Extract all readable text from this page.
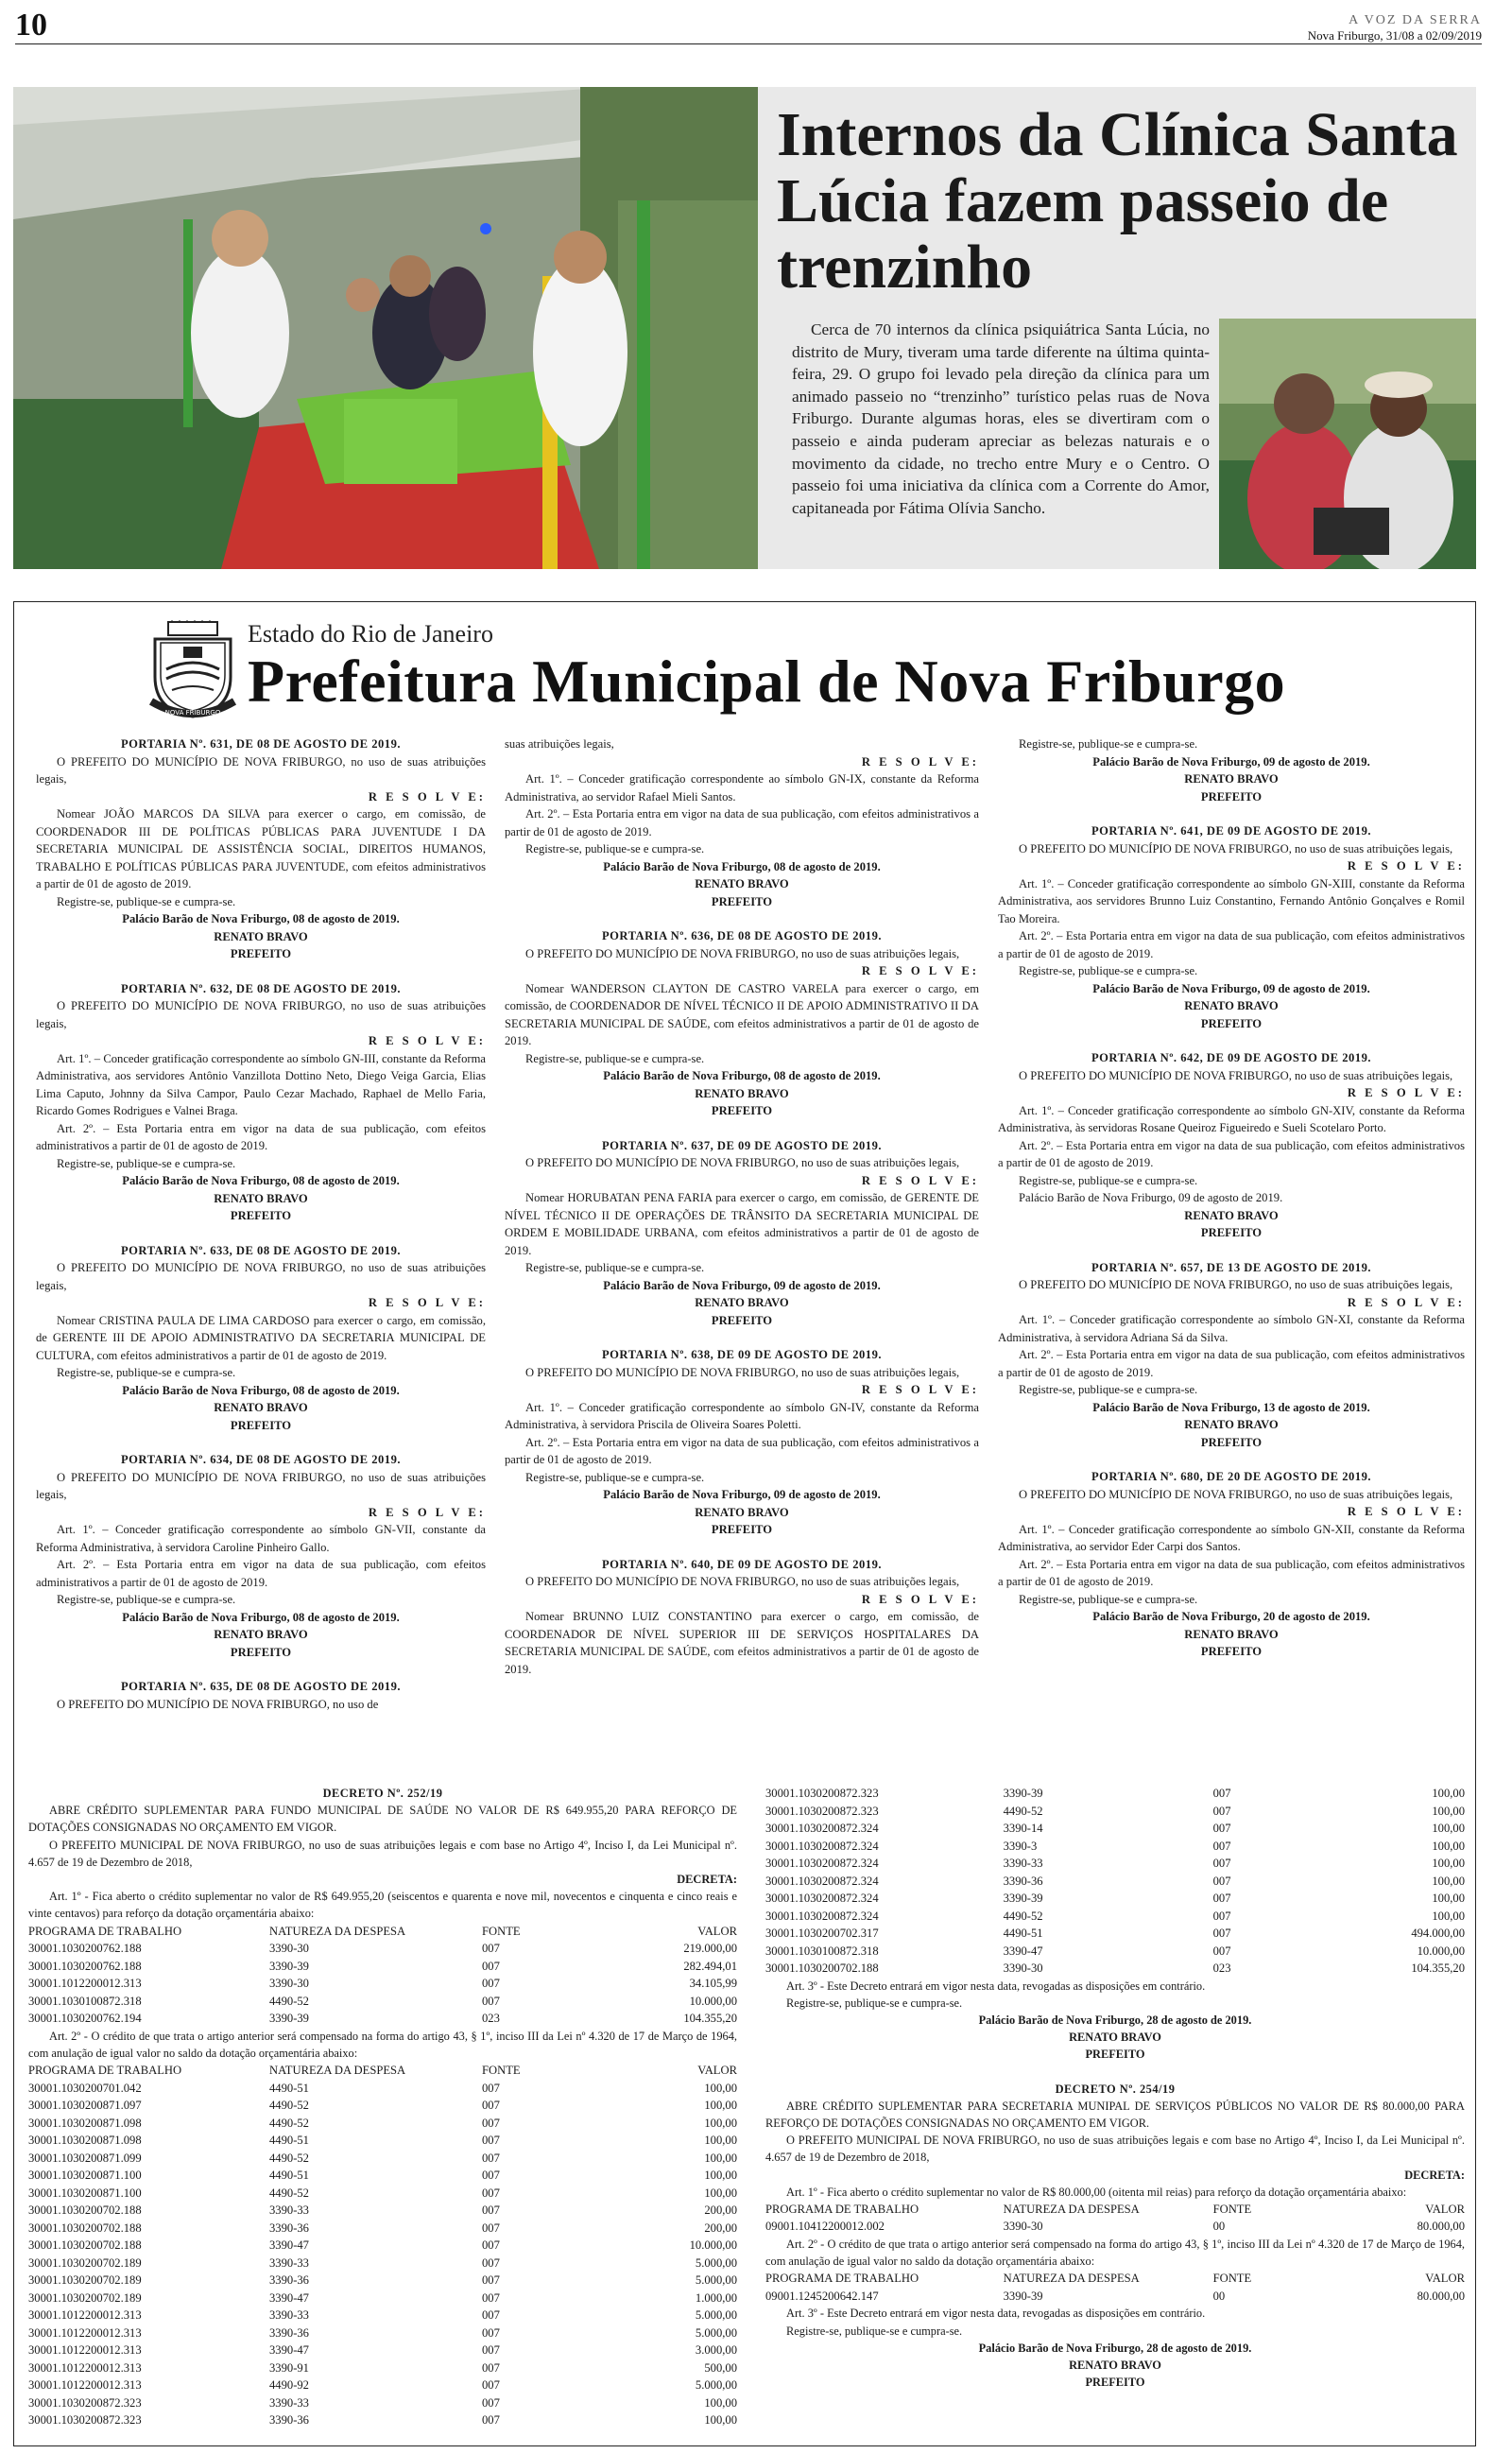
10	A VOZ DA SERRA
Nova Friburgo, 31/08 a 02/09/2019
Internos da Clínica Santa Lúcia fazem passeio de trenzinho
Cerca de 70 internos da clínica psiquiátrica Santa Lúcia, no distrito de Mury, tiveram uma tarde diferente na última quinta-feira, 29. O grupo foi levado pela direção da clínica para um animado passeio no “trenzinho” turístico pelas ruas de Nova Friburgo. Durante algumas horas, eles se divertiram com o passeio e ainda puderam apreciar as belezas naturais e o movimento da cidade, no trecho entre Mury e o Centro. O passeio foi uma iniciativa da clínica com a Corrente do Amor, capitaneada por Fátima Olívia Sancho.
NOVA FRIBURGO
Estado do Rio de Janeiro
Prefeitura Municipal de Nova Friburgo
PORTARIA Nº. 631, DE 08 DE AGOSTO DE 2019.
O PREFEITO DO MUNICÍPIO DE NOVA FRIBURGO, no uso de suas atribuições legais,
R E S O L V E:
Nomear JOÃO MARCOS DA SILVA para exercer o cargo, em comissão, de COORDENADOR III DE POLÍTICAS PÚBLICAS PARA JUVENTUDE I DA SECRETARIA MUNICIPAL DE ASSISTÊNCIA SOCIAL, DIREITOS HUMANOS, TRABALHO E POLÍTICAS PÚBLICAS PARA JUVENTUDE, com efeitos administrativos a partir de 01 de agosto de 2019.
Registre-se, publique-se e cumpra-se.
Palácio Barão de Nova Friburgo, 08 de agosto de 2019.
RENATO BRAVO
PREFEITO
PORTARIA Nº. 632, DE 08 DE AGOSTO DE 2019.
O PREFEITO DO MUNICÍPIO DE NOVA FRIBURGO, no uso de suas atribuições legais,
R E S O L V E:
Art. 1º. – Conceder gratificação correspondente ao símbolo GN-III, constante da Reforma Administrativa, aos servidores Antônio Vanzillota Dottino Neto, Diego Veiga Garcia, Elias Lima Caputo, Johnny da Silva Campor, Paulo Cezar Machado, Raphael de Mello Faria, Ricardo Gomes Rodrigues e Valnei Braga.
Art. 2º. – Esta Portaria entra em vigor na data de sua publicação, com efeitos administrativos a partir de 01 de agosto de 2019.
Registre-se, publique-se e cumpra-se.
Palácio Barão de Nova Friburgo, 08 de agosto de 2019.
RENATO BRAVO
PREFEITO
PORTARIA Nº. 633, DE 08 DE AGOSTO DE 2019.
O PREFEITO DO MUNICÍPIO DE NOVA FRIBURGO, no uso de suas atribuições legais,
R E S O L V E:
Nomear CRISTINA PAULA DE LIMA CARDOSO para exercer o cargo, em comissão, de GERENTE III DE APOIO ADMINISTRATIVO DA SECRETARIA MUNICIPAL DE CULTURA, com efeitos administrativos a partir de 01 de agosto de 2019.
Registre-se, publique-se e cumpra-se.
Palácio Barão de Nova Friburgo, 08 de agosto de 2019.
RENATO BRAVO
PREFEITO
PORTARIA Nº. 634, DE 08 DE AGOSTO DE 2019.
O PREFEITO DO MUNICÍPIO DE NOVA FRIBURGO, no uso de suas atribuições legais,
R E S O L V E:
Art. 1º. – Conceder gratificação correspondente ao símbolo GN-VII, constante da Reforma Administrativa, à servidora Caroline Pinheiro Gallo.
Art. 2º. – Esta Portaria entra em vigor na data de sua publicação, com efeitos administrativos a partir de 01 de agosto de 2019.
Registre-se, publique-se e cumpra-se.
Palácio Barão de Nova Friburgo, 08 de agosto de 2019.
RENATO BRAVO
PREFEITO
PORTARIA Nº. 635, DE 08 DE AGOSTO DE 2019.
O PREFEITO DO MUNICÍPIO DE NOVA FRIBURGO, no uso de
suas atribuições legais,
R E S O L V E:
Art. 1º. – Conceder gratificação correspondente ao símbolo GN-IX, constante da Reforma Administrativa, ao servidor Rafael Mieli Santos.
Art. 2º. – Esta Portaria entra em vigor na data de sua publicação, com efeitos administrativos a partir de 01 de agosto de 2019.
Registre-se, publique-se e cumpra-se.
Palácio Barão de Nova Friburgo, 08 de agosto de 2019.
RENATO BRAVO
PREFEITO
PORTARIA Nº. 636, DE 08 DE AGOSTO DE 2019.
O PREFEITO DO MUNICÍPIO DE NOVA FRIBURGO, no uso de suas atribuições legais,
R E S O L V E:
Nomear WANDERSON CLAYTON DE CASTRO VARELA para exercer o cargo, em comissão, de COORDENADOR DE NÍVEL TÉCNICO II DE APOIO ADMINISTRATIVO II DA SECRETARIA MUNICIPAL DE SAÚDE, com efeitos administrativos a partir de 01 de agosto de 2019.
Registre-se, publique-se e cumpra-se.
Palácio Barão de Nova Friburgo, 08 de agosto de 2019.
RENATO BRAVO
PREFEITO
PORTARIA Nº. 637, DE 09 DE AGOSTO DE 2019.
O PREFEITO DO MUNICÍPIO DE NOVA FRIBURGO, no uso de suas atribuições legais,
R E S O L V E:
Nomear HORUBATAN PENA FARIA para exercer o cargo, em comissão, de GERENTE DE NÍVEL TÉCNICO II DE OPERAÇÕES DE TRÂNSITO DA SECRETARIA MUNICIPAL DE ORDEM E MOBILIDADE URBANA, com efeitos administrativos a partir de 01 de agosto de 2019.
Registre-se, publique-se e cumpra-se.
Palácio Barão de Nova Friburgo, 09 de agosto de 2019.
RENATO BRAVO
PREFEITO
PORTARIA Nº. 638, DE 09 DE AGOSTO DE 2019.
O PREFEITO DO MUNICÍPIO DE NOVA FRIBURGO, no uso de suas atribuições legais,
R E S O L V E:
Art. 1º. – Conceder gratificação correspondente ao símbolo GN-IV, constante da Reforma Administrativa, à servidora Priscila de Oliveira Soares Poletti.
Art. 2º. – Esta Portaria entra em vigor na data de sua publicação, com efeitos administrativos a partir de 01 de agosto de 2019.
Registre-se, publique-se e cumpra-se.
Palácio Barão de Nova Friburgo, 09 de agosto de 2019.
RENATO BRAVO
PREFEITO
PORTARIA Nº. 640, DE 09 DE AGOSTO DE 2019.
O PREFEITO DO MUNICÍPIO DE NOVA FRIBURGO, no uso de suas atribuições legais,
R E S O L V E:
Nomear BRUNNO LUIZ CONSTANTINO para exercer o cargo, em comissão, de COORDENADOR DE NÍVEL SUPERIOR III DE SERVIÇOS HOSPITALARES DA SECRETARIA MUNICIPAL DE SAÚDE, com efeitos administrativos a partir de 01 de agosto de 2019.
Registre-se, publique-se e cumpra-se.
Palácio Barão de Nova Friburgo, 09 de agosto de 2019.
RENATO BRAVO
PREFEITO
PORTARIA Nº. 641, DE 09 DE AGOSTO DE 2019.
O PREFEITO DO MUNICÍPIO DE NOVA FRIBURGO, no uso de suas atribuições legais,
R E S O L V E:
Art. 1º. – Conceder gratificação correspondente ao símbolo GN-XIII, constante da Reforma Administrativa, aos servidores Brunno Luiz Constantino, Fernando Antônio Gonçalves e Romil Tao Moreira.
Art. 2º. – Esta Portaria entra em vigor na data de sua publicação, com efeitos administrativos a partir de 01 de agosto de 2019.
Registre-se, publique-se e cumpra-se.
Palácio Barão de Nova Friburgo, 09 de agosto de 2019.
RENATO BRAVO
PREFEITO
PORTARIA Nº. 642, DE 09 DE AGOSTO DE 2019.
O PREFEITO DO MUNICÍPIO DE NOVA FRIBURGO, no uso de suas atribuições legais,
R E S O L V E:
Art. 1º. – Conceder gratificação correspondente ao símbolo GN-XIV, constante da Reforma Administrativa, às servidoras Rosane Queiroz Figueiredo e Sueli Scotelaro Porto.
Art. 2º. – Esta Portaria entra em vigor na data de sua publicação, com efeitos administrativos a partir de 01 de agosto de 2019.
Registre-se, publique-se e cumpra-se.
Palácio Barão de Nova Friburgo, 09 de agosto de 2019.
RENATO BRAVO
PREFEITO
PORTARIA Nº. 657, DE 13 DE AGOSTO DE 2019.
O PREFEITO DO MUNICÍPIO DE NOVA FRIBURGO, no uso de suas atribuições legais,
R E S O L V E:
Art. 1º. – Conceder gratificação correspondente ao símbolo GN-XI, constante da Reforma Administrativa, à servidora Adriana Sá da Silva.
Art. 2º. – Esta Portaria entra em vigor na data de sua publicação, com efeitos administrativos a partir de 01 de agosto de 2019.
Registre-se, publique-se e cumpra-se.
Palácio Barão de Nova Friburgo, 13 de agosto de 2019.
RENATO BRAVO
PREFEITO
PORTARIA Nº. 680, DE 20 DE AGOSTO DE 2019.
O PREFEITO DO MUNICÍPIO DE NOVA FRIBURGO, no uso de suas atribuições legais,
R E S O L V E:
Art. 1º. – Conceder gratificação correspondente ao símbolo GN-XII, constante da Reforma Administrativa, ao servidor Eder Carpi dos Santos.
Art. 2º. – Esta Portaria entra em vigor na data de sua publicação, com efeitos administrativos a partir de 01 de agosto de 2019.
Registre-se, publique-se e cumpra-se.
Palácio Barão de Nova Friburgo, 20 de agosto de 2019.
RENATO BRAVO
PREFEITO
DECRETO Nº. 252/19
ABRE CRÉDITO SUPLEMENTAR PARA FUNDO MUNICIPAL DE SAÚDE NO VALOR DE R$ 649.955,20 PARA REFORÇO DE DOTAÇÕES CONSIGNADAS NO ORÇAMENTO EM VIGOR.
O PREFEITO MUNICIPAL DE NOVA FRIBURGO, no uso de suas atribuições legais e com base no Artigo 4º, Inciso I, da Lei Municipal nº. 4.657 de 19 de Dezembro de 2018,
DECRETA:
Art. 1º - Fica aberto o crédito suplementar no valor de R$ 649.955,20 (seiscentos e quarenta e nove mil, novecentos e cinquenta e cinco reais e vinte centavos) para reforço da dotação orçamentária abaixo:
PROGRAMA DE TRABALHO	NATUREZA DA DESPESA	FONTE	VALOR
30001.1030200762.188	3390-30	007	219.000,00
30001.1030200762.188	3390-39	007	282.494,01
30001.1012200012.313	3390-30	007	34.105,99
30001.1030100872.318	4490-52	007	10.000,00
30001.1030200762.194	3390-39	023	104.355,20
Art. 2º - O crédito de que trata o artigo anterior será compensado na forma do artigo 43, § 1º, inciso III da Lei nº 4.320 de 17 de Março de 1964, com anulação de igual valor no saldo da dotação orçamentária abaixo:
PROGRAMA DE TRABALHO	NATUREZA DA DESPESA	FONTE	VALOR
30001.1030200701.042	4490-51	007	100,00
30001.1030200871.097	4490-52	007	100,00
30001.1030200871.098	4490-52	007	100,00
30001.1030200871.098	4490-51	007	100,00
30001.1030200871.099	4490-52	007	100,00
30001.1030200871.100	4490-51	007	100,00
30001.1030200871.100	4490-52	007	100,00
30001.1030200702.188	3390-33	007	200,00
30001.1030200702.188	3390-36	007	200,00
30001.1030200702.188	3390-47	007	10.000,00
30001.1030200702.189	3390-33	007	5.000,00
30001.1030200702.189	3390-36	007	5.000,00
30001.1030200702.189	3390-47	007	1.000,00
30001.1012200012.313	3390-33	007	5.000,00
30001.1012200012.313	3390-36	007	5.000,00
30001.1012200012.313	3390-47	007	3.000,00
30001.1012200012.313	3390-91	007	500,00
30001.1012200012.313	4490-92	007	5.000,00
30001.1030200872.323	3390-33	007	100,00
30001.1030200872.323	3390-36	007	100,00
30001.1030200872.323	3390-39	007	100,00
30001.1030200872.323	4490-52	007	100,00
30001.1030200872.324	3390-14	007	100,00
30001.1030200872.324	3390-3	007	100,00
30001.1030200872.324	3390-33	007	100,00
30001.1030200872.324	3390-36	007	100,00
30001.1030200872.324	3390-39	007	100,00
30001.1030200872.324	4490-52	007	100,00
30001.1030200702.317	4490-51	007	494.000,00
30001.1030100872.318	3390-47	007	10.000,00
30001.1030200702.188	3390-30	023	104.355,20
Art. 3º - Este Decreto entrará em vigor nesta data, revogadas as disposições em contrário.
Registre-se, publique-se e cumpra-se.
Palácio Barão de Nova Friburgo, 28 de agosto de 2019.
RENATO BRAVO
PREFEITO
DECRETO Nº. 254/19
ABRE CRÉDITO SUPLEMENTAR PARA SECRETARIA MUNIPAL DE SERVIÇOS PÚBLICOS NO VALOR DE R$ 80.000,00 PARA REFORÇO DE DOTAÇÕES CONSIGNADAS NO ORÇAMENTO EM VIGOR.
O PREFEITO MUNICIPAL DE NOVA FRIBURGO, no uso de suas atribuições legais e com base no Artigo 4º, Inciso I, da Lei Municipal nº. 4.657 de 19 de Dezembro de 2018,
DECRETA:
Art. 1º - Fica aberto o crédito suplementar no valor de R$ 80.000,00 (oitenta mil reias) para reforço da dotação orçamentária abaixo:
PROGRAMA DE TRABALHO	NATUREZA DA DESPESA	FONTE	VALOR
09001.10412200012.002	3390-30	00	80.000,00
Art. 2º - O crédito de que trata o artigo anterior será compensado na forma do artigo 43, § 1º, inciso III da Lei nº 4.320 de 17 de Março de 1964, com anulação de igual valor no saldo da dotação orçamentária abaixo:
PROGRAMA DE TRABALHO	NATUREZA DA DESPESA	FONTE	VALOR
09001.1245200642.147	3390-39	00	80.000,00
Art. 3º - Este Decreto entrará em vigor nesta data, revogadas as disposições em contrário.
Registre-se, publique-se e cumpra-se.
Palácio Barão de Nova Friburgo, 28 de agosto de 2019.
RENATO BRAVO
PREFEITO
